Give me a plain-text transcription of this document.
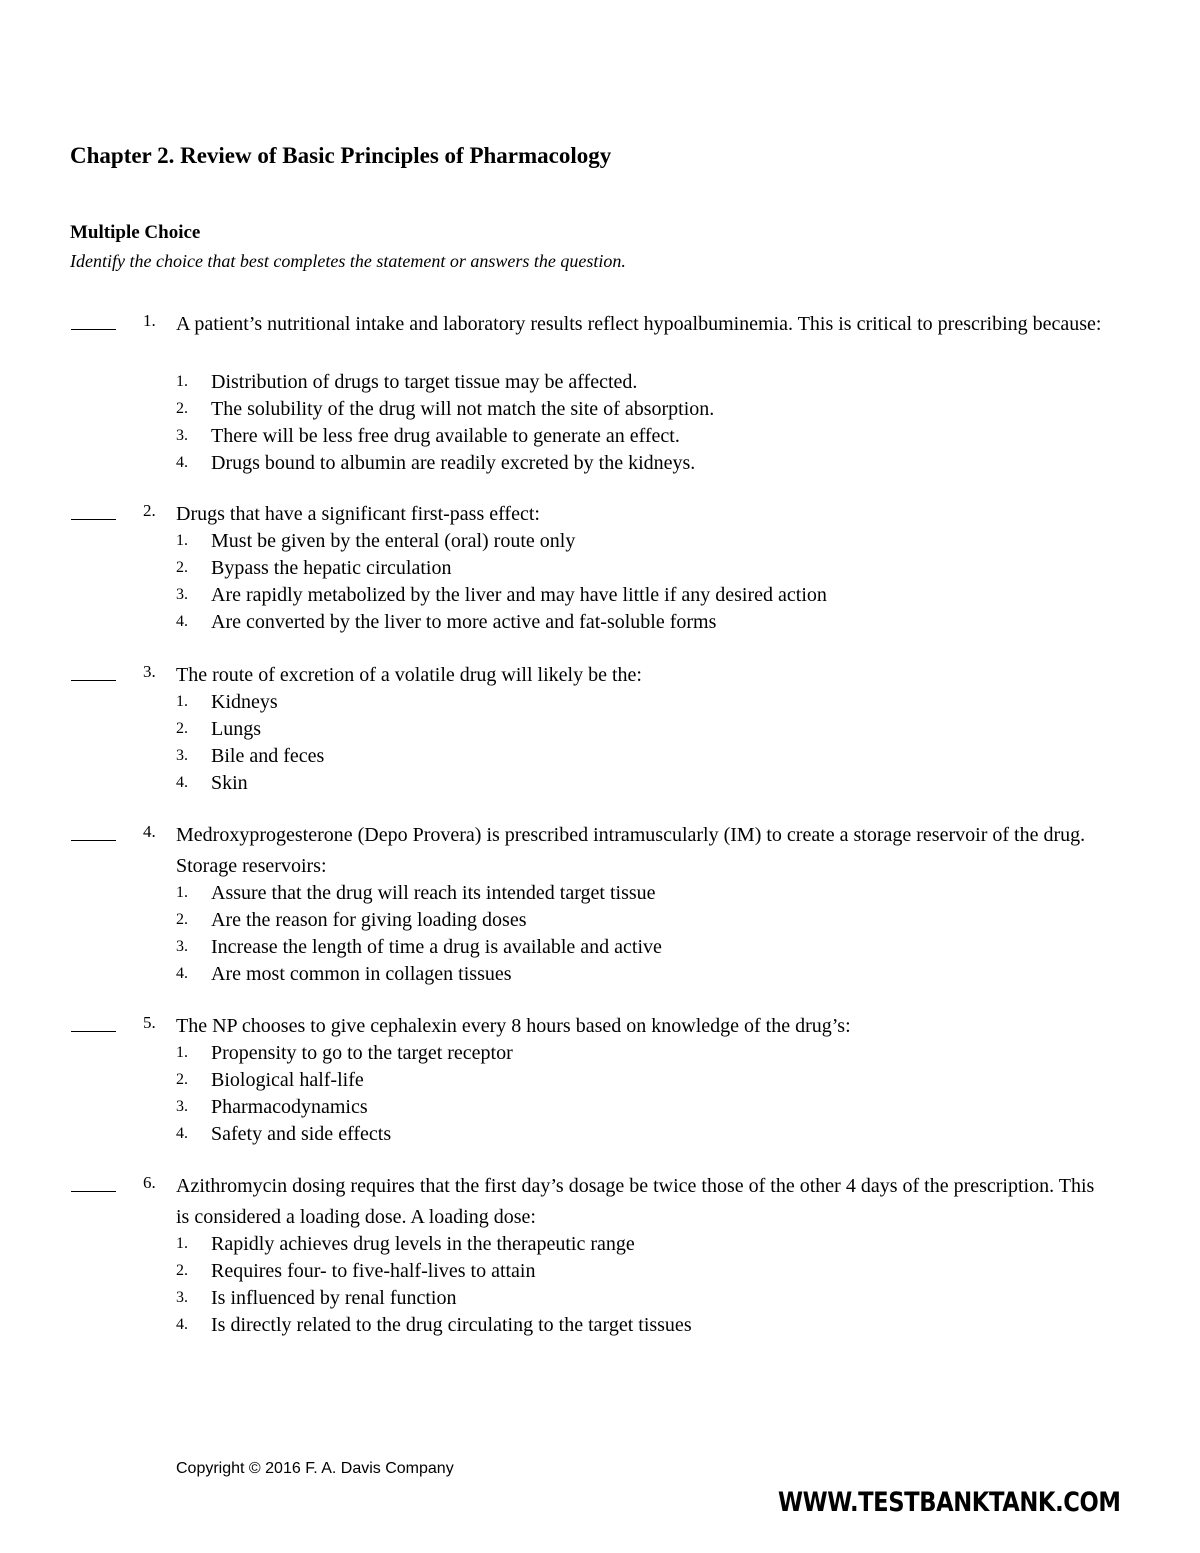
Chapter 2. Review of Basic Principles of Pharmacology
Multiple Choice
Identify the choice that best completes the statement or answers the question.
1. A patient’s nutritional intake and laboratory results reflect hypoalbuminemia. This is critical to prescribing because:
1. Distribution of drugs to target tissue may be affected.
2. The solubility of the drug will not match the site of absorption.
3. There will be less free drug available to generate an effect.
4. Drugs bound to albumin are readily excreted by the kidneys.
2. Drugs that have a significant first-pass effect:
1. Must be given by the enteral (oral) route only
2. Bypass the hepatic circulation
3. Are rapidly metabolized by the liver and may have little if any desired action
4. Are converted by the liver to more active and fat-soluble forms
3. The route of excretion of a volatile drug will likely be the:
1. Kidneys
2. Lungs
3. Bile and feces
4. Skin
4. Medroxyprogesterone (Depo Provera) is prescribed intramuscularly (IM) to create a storage reservoir of the drug. Storage reservoirs:
1. Assure that the drug will reach its intended target tissue
2. Are the reason for giving loading doses
3. Increase the length of time a drug is available and active
4. Are most common in collagen tissues
5. The NP chooses to give cephalexin every 8 hours based on knowledge of the drug’s:
1. Propensity to go to the target receptor
2. Biological half-life
3. Pharmacodynamics
4. Safety and side effects
6. Azithromycin dosing requires that the first day’s dosage be twice those of the other 4 days of the prescription. This is considered a loading dose. A loading dose:
1. Rapidly achieves drug levels in the therapeutic range
2. Requires four- to five-half-lives to attain
3. Is influenced by renal function
4. Is directly related to the drug circulating to the target tissues
Copyright © 2016 F. A. Davis Company
WWW.TESTBANKTANK.COM
